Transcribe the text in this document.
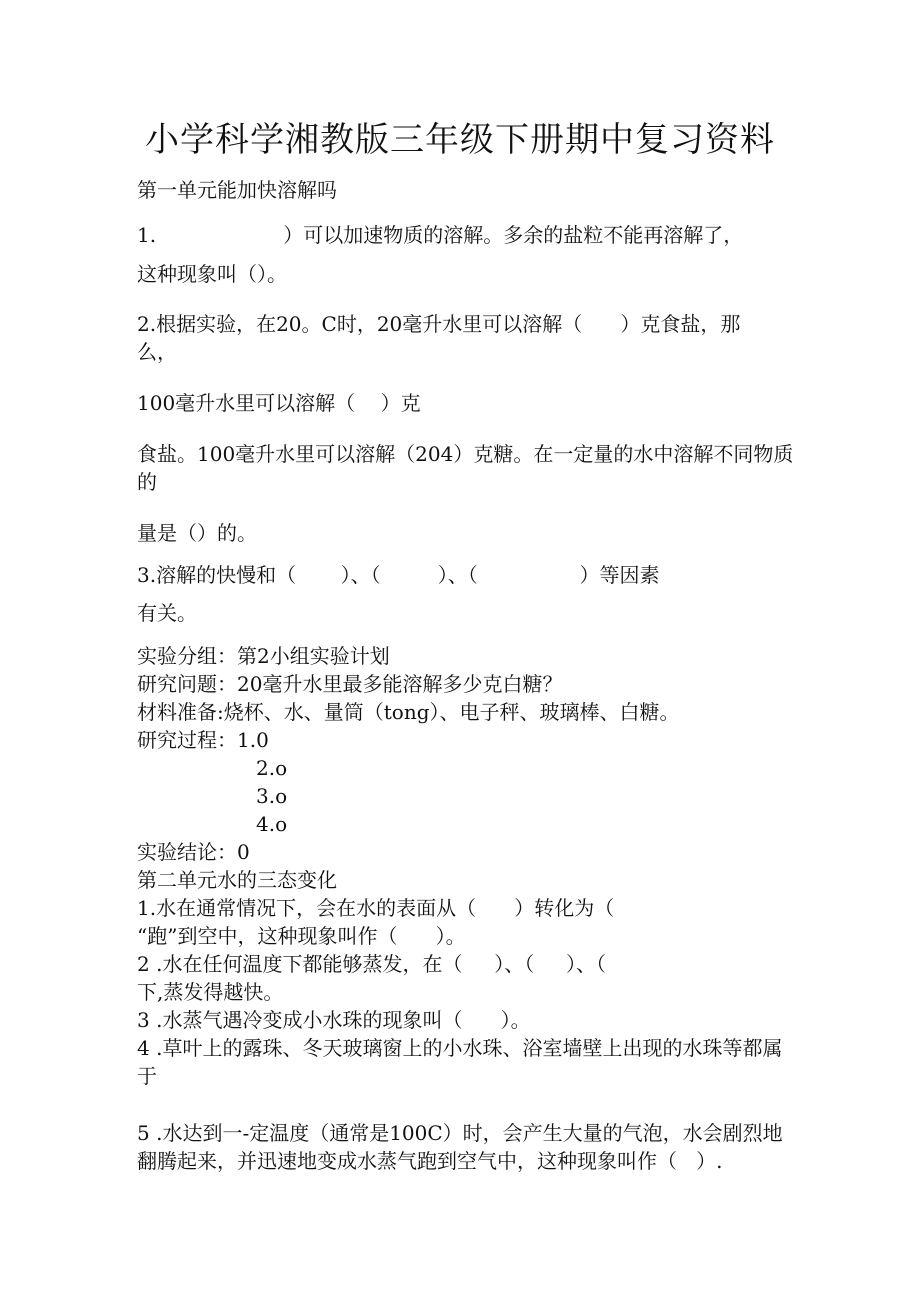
小学科学湘教版三年级下册期中复习资料
第一单元能加快溶解吗
1.                    ）可以加速物质的溶解。多余的盐粒不能再溶解了，
这种现象叫（）。
2.根据实验，在20。C时，20毫升水里可以溶解（      ）克食盐，那
么，
100毫升水里可以溶解（    ）克
食盐。100毫升水里可以溶解（204）克糖。在一定量的水中溶解不同物质
的
量是（）的。
3.溶解的快慢和（       ）、（         ）、（                ）等因素
有关。
实验分组：第2小组实验计划
研究问题：20毫升水里最多能溶解多少克白糖？
材料准备:烧杯、水、量筒（tong）、电子秤、玻璃棒、白糖。
研究过程：1.0
2.o
3.o
4.o
实验结论：0
第二单元水的三态变化
1.水在通常情况下，会在水的表面从（      ）转化为（
“跑”到空中，这种现象叫作（      ）。
2 .水在任何温度下都能够蒸发，在（     ）、（     ）、（
下,蒸发得越快。
3 .水蒸气遇冷变成小水珠的现象叫（      ）。
4 .草叶上的露珠、冬天玻璃窗上的小水珠、浴室墙壁上出现的水珠等都属
于
5 .水达到一-定温度（通常是100C）时，会产生大量的气泡，水会剧烈地
翻腾起来，并迅速地变成水蒸气跑到空气中，这种现象叫作（   ）.
